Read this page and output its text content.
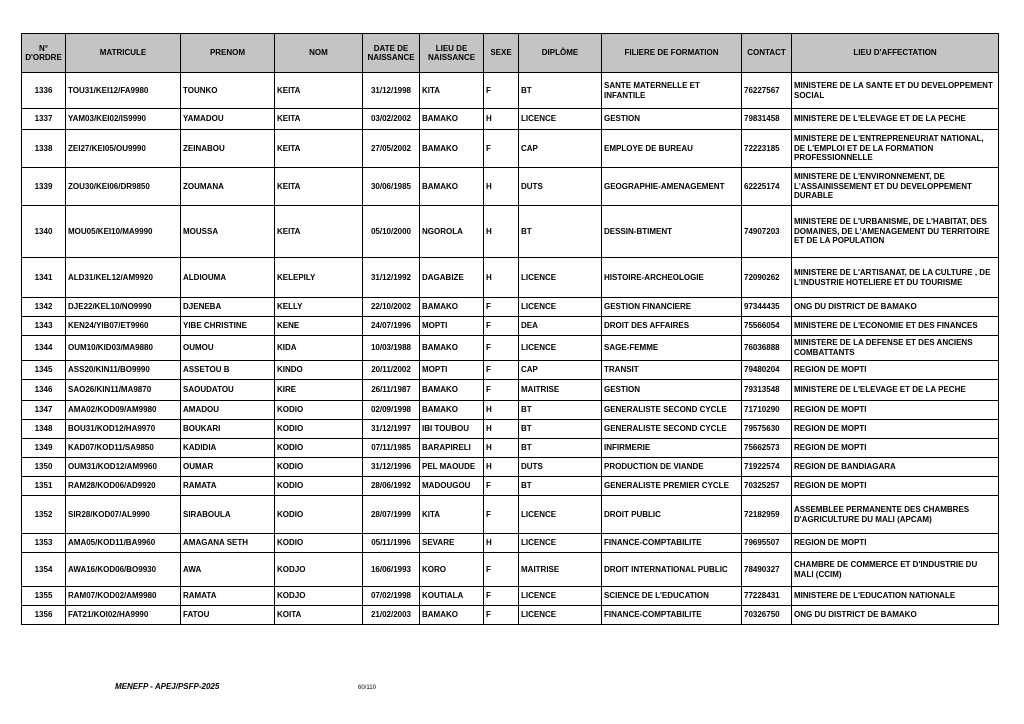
N° D'ORDRE	MATRICULE	PRENOM	NOM	DATE DE NAISSANCE	LIEU DE NAISSANCE	SEXE	DIPLÔME	FILIERE DE FORMATION	CONTACT	LIEU D'AFFECTATION
1336	TOU31/KEI12/FA9980	TOUNKO	KEITA	31/12/1998	KITA	F	BT	SANTE MATERNELLE ET INFANTILE	76227567	MINISTERE DE LA SANTE ET DU DEVELOPPEMENT SOCIAL
1337	YAM03/KEI02/IS9990	YAMADOU	KEITA	03/02/2002	BAMAKO	H	LICENCE	GESTION	79831458	MINISTERE DE L'ELEVAGE ET DE LA PECHE
1338	ZEI27/KEI05/OU9990	ZEINABOU	KEITA	27/05/2002	BAMAKO	F	CAP	EMPLOYE DE BUREAU	72223185	MINISTERE DE L'ENTREPRENEURIAT NATIONAL, DE L'EMPLOI ET DE LA FORMATION PROFESSIONNELLE
1339	ZOU30/KEI06/DR9850	ZOUMANA	KEITA	30/06/1985	BAMAKO	H	DUTS	GEOGRAPHIE-AMENAGEMENT	62225174	MINISTERE DE L'ENVIRONNEMENT, DE L'ASSAINISSEMENT ET DU DEVELOPPEMENT DURABLE
1340	MOU05/KEI10/MA9990	MOUSSA	KEITA	05/10/2000	NGOROLA	H	BT	DESSIN-BTIMENT	74907203	MINISTERE DE L'URBANISME, DE L'HABITAT, DES DOMAINES, DE L'AMENAGEMENT DU TERRITOIRE ET DE LA POPULATION
1341	ALD31/KEL12/AM9920	ALDIOUMA	KELEPILY	31/12/1992	DAGABIZE	H	LICENCE	HISTOIRE-ARCHEOLOGIE	72090262	MINISTERE DE L'ARTISANAT, DE LA CULTURE , DE L'INDUSTRIE HOTELIERE ET DU TOURISME
1342	DJE22/KEL10/NO9990	DJENEBA	KELLY	22/10/2002	BAMAKO	F	LICENCE	GESTION FINANCIERE	97344435	ONG DU DISTRICT DE BAMAKO
1343	KEN24/YIB07/ET9960	YIBE CHRISTINE	KENE	24/07/1996	MOPTI	F	DEA	DROIT DES AFFAIRES	75566054	MINISTERE DE L'ECONOMIE ET DES FINANCES
1344	OUM10/KID03/MA9880	OUMOU	KIDA	10/03/1988	BAMAKO	F	LICENCE	SAGE-FEMME	76036888	MINISTERE DE LA DEFENSE ET DES ANCIENS COMBATTANTS
1345	ASS20/KIN11/BO9990	ASSETOU B	KINDO	20/11/2002	MOPTI	F	CAP	TRANSIT	79480204	REGION DE MOPTI
1346	SAO26/KIN11/MA9870	SAOUDATOU	KIRE	26/11/1987	BAMAKO	F	MAITRISE	GESTION	79313548	MINISTERE DE L'ELEVAGE ET DE LA PECHE
1347	AMA02/KOD09/AM9980	AMADOU	KODIO	02/09/1998	BAMAKO	H	BT	GENERALISTE SECOND CYCLE	71710290	REGION DE MOPTI
1348	BOU31/KOD12/HA9970	BOUKARI	KODIO	31/12/1997	IBI TOUBOU	H	BT	GENERALISTE SECOND CYCLE	79575630	REGION DE MOPTI
1349	KAD07/KOD11/SA9850	KADIDIA	KODIO	07/11/1985	BARAPIRELI	H	BT	INFIRMERIE	75662573	REGION DE MOPTI
1350	OUM31/KOD12/AM9960	OUMAR	KODIO	31/12/1996	PEL MAOUDE	H	DUTS	PRODUCTION DE VIANDE	71922574	REGION DE BANDIAGARA
1351	RAM28/KOD06/AD9920	RAMATA	KODIO	28/06/1992	MADOUGOU	F	BT	GENERALISTE PREMIER CYCLE	70325257	REGION DE MOPTI
1352	SIR28/KOD07/AL9990	SIRABOULA	KODIO	28/07/1999	KITA	F	LICENCE	DROIT PUBLIC	72182959	ASSEMBLEE PERMANENTE DES CHAMBRES D'AGRICULTURE DU MALI (APCAM)
1353	AMA05/KOD11/BA9960	AMAGANA SETH	KODIO	05/11/1996	SEVARE	H	LICENCE	FINANCE-COMPTABILITE	79695507	REGION DE MOPTI
1354	AWA16/KOD06/BO9930	AWA	KODJO	16/06/1993	KORO	F	MAITRISE	DROIT INTERNATIONAL PUBLIC	78490327	CHAMBRE DE COMMERCE ET D'INDUSTRIE DU MALI (CCIM)
1355	RAM07/KOD02/AM9980	RAMATA	KODJO	07/02/1998	KOUTIALA	F	LICENCE	SCIENCE DE L'EDUCATION	77228431	MINISTERE DE L'EDUCATION NATIONALE
1356	FAT21/KOI02/HA9990	FATOU	KOITA	21/02/2003	BAMAKO	F	LICENCE	FINANCE-COMPTABILITE	70326750	ONG DU DISTRICT DE BAMAKO
MENEFP - APEJ/PSFP-2025	60/110
